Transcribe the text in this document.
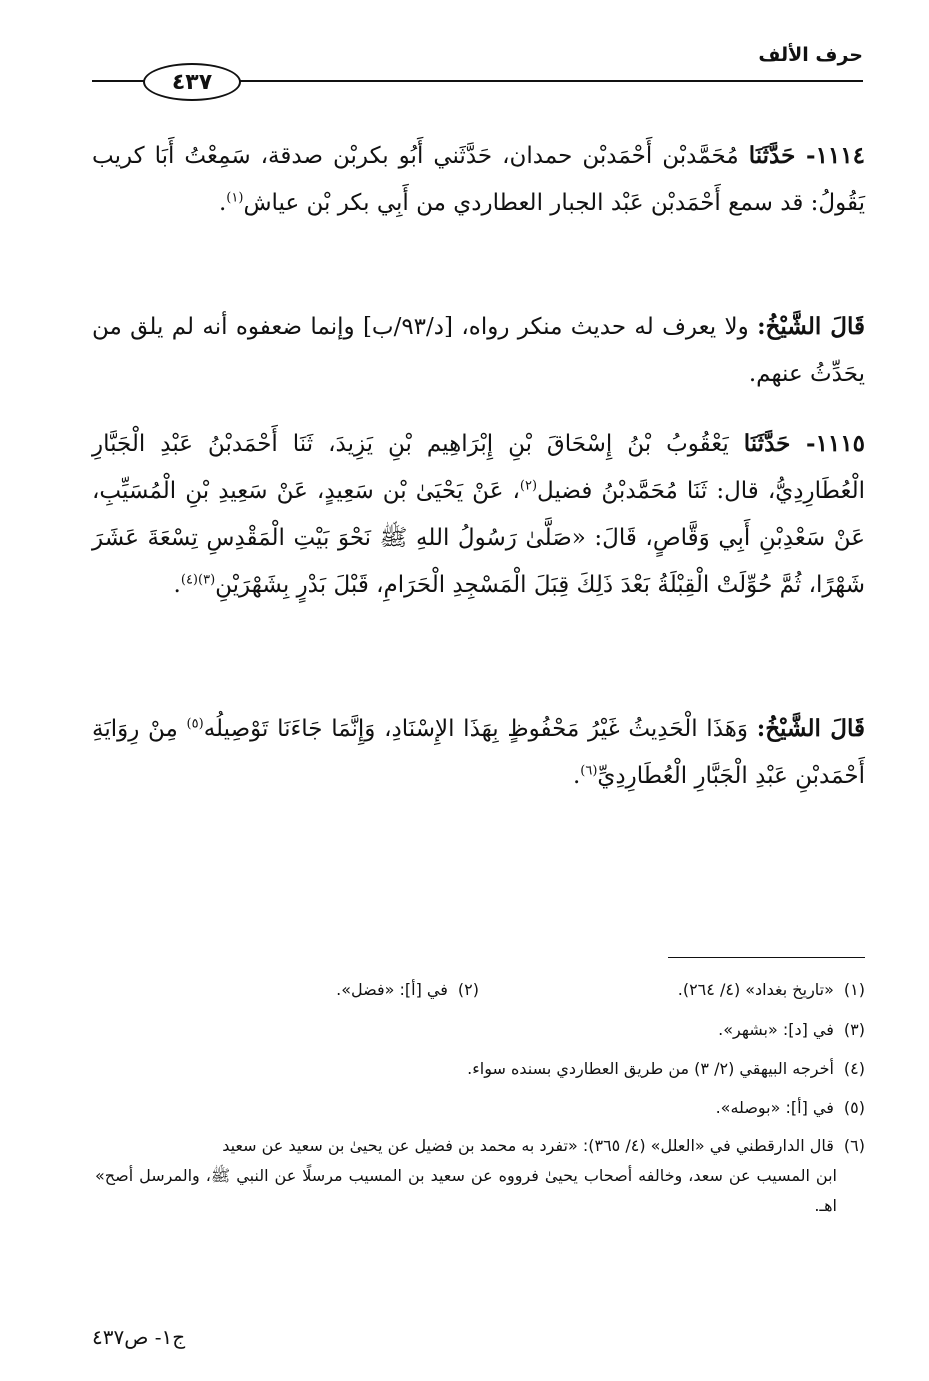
حرف الألف
٤٣٧
١١١٤- حَدَّثَنَا مُحَمَّدبْن أَحْمَدبْن حمدان، حَدَّثَني أَبُو بكربْن صدقة، سَمِعْتُ أَبَا كريب يَقُولُ: قد سمع أَحْمَدبْن عَبْد الجبار العطاردي من أَبِي بكر بْن عياش$^{(١)}$.
قَالَ الشَّيْخُ: ولا يعرف له حديث منكر رواه، [د/٩٣/ب] وإنما ضعفوه أنه لم يلق من يحَدِّثُ عنهم.
١١١٥- حَدَّثَنَا يَعْقُوبُ بْنُ إِسْحَاقَ بْنِ إِبْرَاهِيم بْنِ يَزِيدَ، ثَنَا أَحْمَدبْنُ عَبْدِ الْجَبَّارِ الْعُطَارِدِيُّ، قال: ثَنَا مُحَمَّدبْنُ فضيل$^{(٢)}$، عَنْ يَحْيَىٰ بْن سَعِيدٍ، عَنْ سَعِيدِ بْنِ الْمُسَيِّبِ، عَنْ سَعْدِبْنِ أَبِي وَقَّاصٍ، قَالَ: «صَلَّىٰ رَسُولُ اللهِ ﷺ نَحْوَ بَيْتِ الْمَقْدِسِ تِسْعَةَ عَشَرَ شَهْرًا، ثُمَّ حُوِّلَتْ الْقِبْلَةُ بَعْدَ ذَلِكَ قِبَلَ الْمَسْجِدِ الْحَرَامِ، قَبْلَ بَدْرٍ بِشَهْرَيْنِ$^{(٣)(٤)}$.
قَالَ الشَّيْخُ: وَهَذَا الْحَدِيثُ غَيْرُ مَحْفُوظٍ بِهَذَا الإِسْنَادِ، وَإِنَّمَا جَاءَنَا تَوْصِيلُه$^{(٥)}$ مِنْ رِوَايَةِ أَحْمَدبْنِ عَبْدِ الْجَبَّارِ الْعُطَارِدِيِّ$^{(٦)}$.
(١) «تاريخ بغداد» (٤/ ٢٦٤).
(٢) في [أ]: «فضل».
(٣) في [د]: «بشهر».
(٤) أخرجه البيهقي (٢/ ٣) من طريق العطاردي بسنده سواء.
(٥) في [أ]: «بوصله».
(٦) قال الدارقطني في «العلل» (٤/ ٣٦٥): «تفرد به محمد بن فضيل عن يحيىٰ بن سعيد عن سعيد
ابن المسيب عن سعد، وخالفه أصحاب يحيىٰ فرووه عن سعيد بن المسيب مرسلًا عن النبي ﷺ، والمرسل أصح» اهـ.
ج١- ص٤٣٧
